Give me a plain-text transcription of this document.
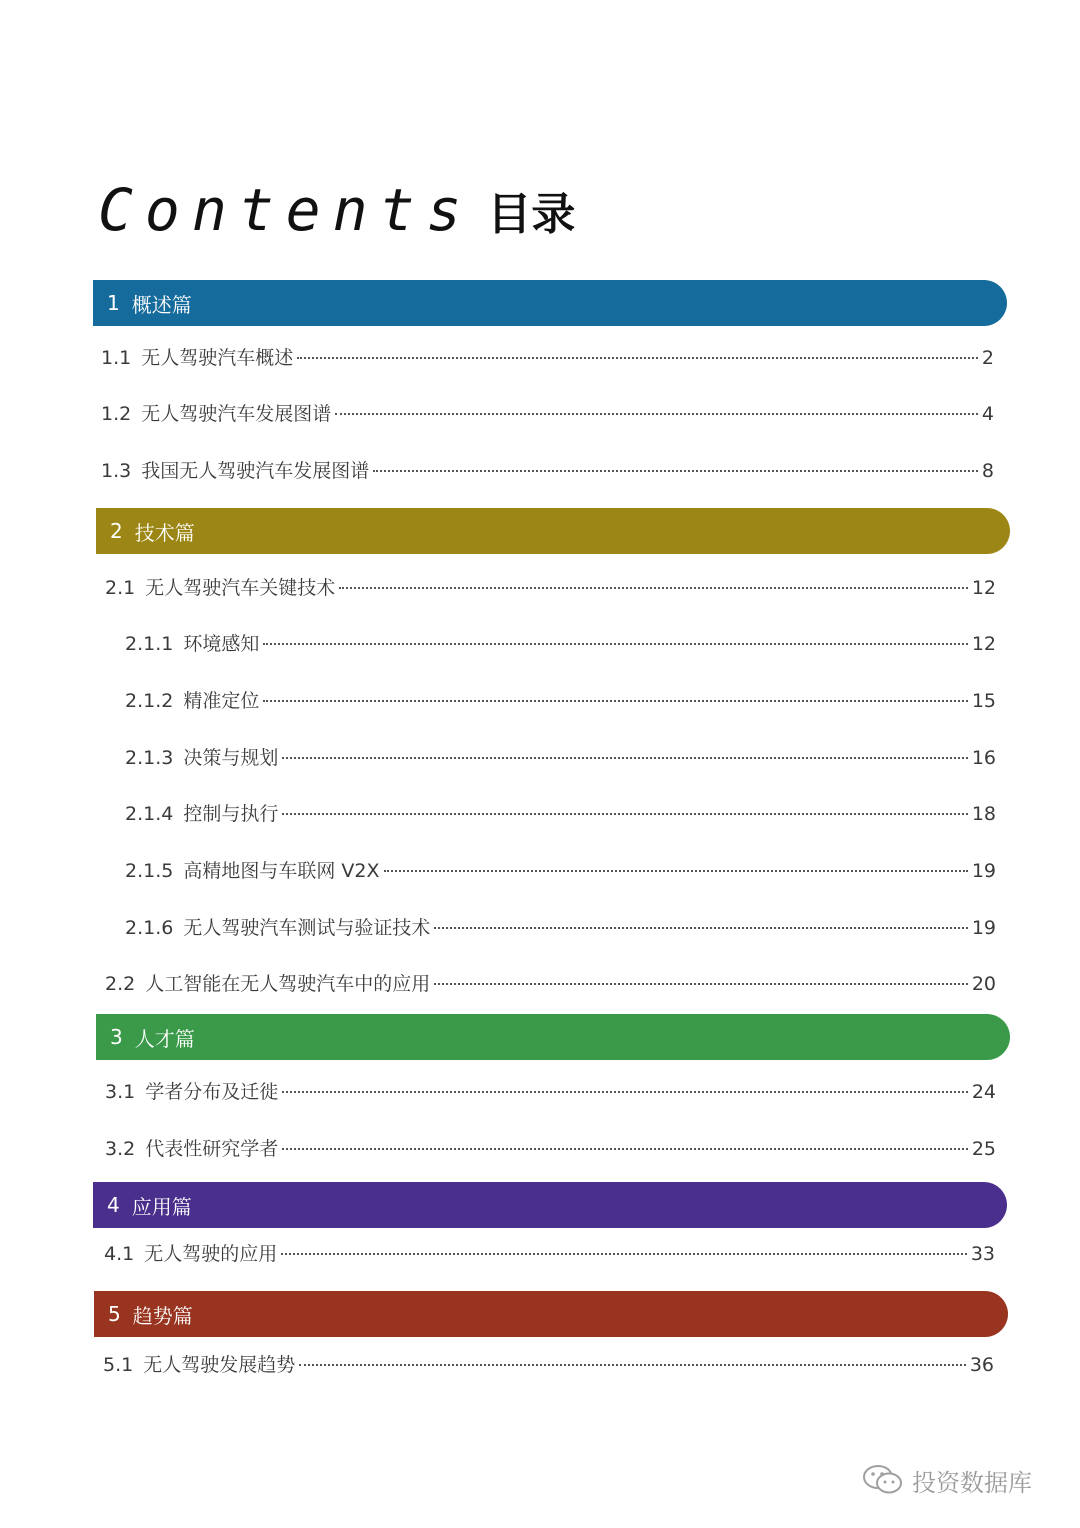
Contents 目录
1 概述篇
1.1 无人驾驶汽车概述	2
1.2 无人驾驶汽车发展图谱	4
1.3 我国无人驾驶汽车发展图谱	8
2 技术篇
2.1 无人驾驶汽车关键技术	12
2.1.1 环境感知	12
2.1.2 精准定位	15
2.1.3 决策与规划	16
2.1.4 控制与执行	18
2.1.5 高精地图与车联网 V2X	19
2.1.6 无人驾驶汽车测试与验证技术	19
2.2 人工智能在无人驾驶汽车中的应用	20
3 人才篇
3.1 学者分布及迁徙	24
3.2 代表性研究学者	25
4 应用篇
4.1 无人驾驶的应用	33
5 趋势篇
5.1 无人驾驶发展趋势	36
投资数据库
